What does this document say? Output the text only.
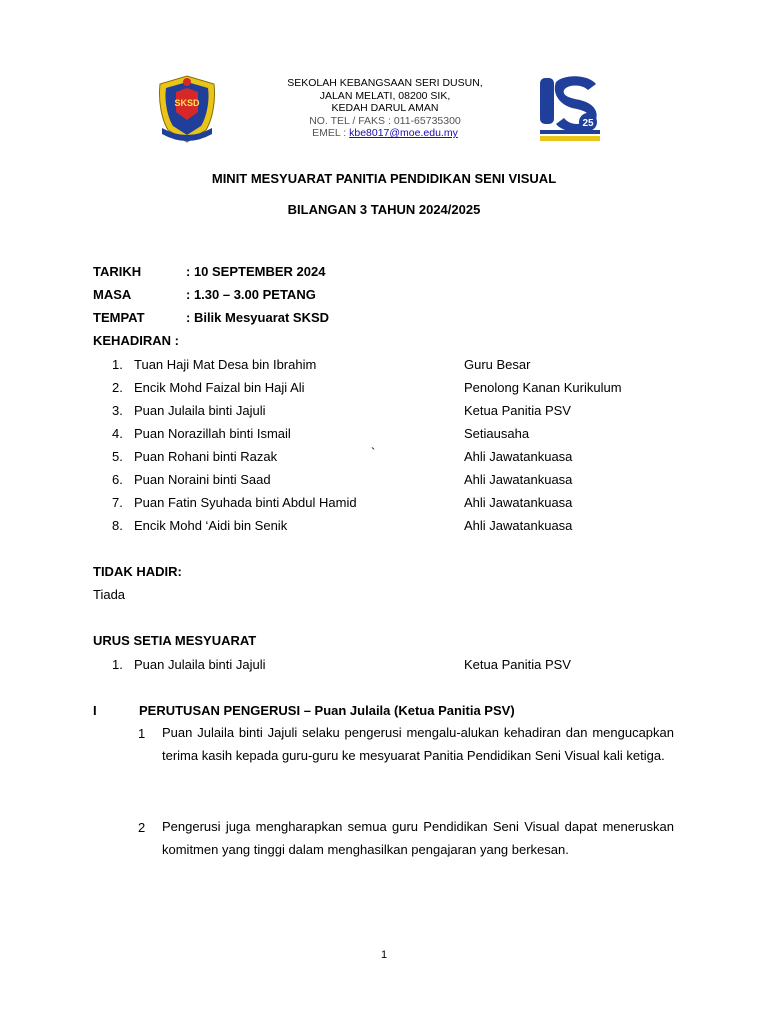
SKSD
SEKOLAH KEBANGSAAN SERI DUSUN,
JALAN MELATI, 08200 SIK,
KEDAH DARUL AMAN
NO. TEL / FAKS : 011-65735300
EMEL : kbe8017@moe.edu.my
25
MINIT MESYUARAT PANITIA PENDIDIKAN SENI VISUAL
BILANGAN 3 TAHUN 2024/2025
TARIKH	: 10 SEPTEMBER 2024
MASA	: 1.30 – 3.00 PETANG
TEMPAT	: Bilik Mesyuarat SKSD
KEHADIRAN :
1. Tuan Haji Mat Desa bin Ibrahim	Guru Besar
2. Encik Mohd Faizal bin Haji Ali	Penolong Kanan Kurikulum
3. Puan Julaila binti Jajuli	Ketua Panitia PSV
4. Puan Norazillah binti Ismail	Setiausaha
5. Puan Rohani binti Razak	`	Ahli Jawatankuasa
6. Puan Noraini binti Saad	Ahli Jawatankuasa
7. Puan Fatin Syuhada binti Abdul Hamid	Ahli Jawatankuasa
8. Encik Mohd ‘Aidi bin Senik	Ahli Jawatankuasa
TIDAK HADIR:
Tiada
URUS SETIA MESYUARAT
1. Puan Julaila binti Jajuli	Ketua Panitia PSV
I	PERUTUSAN PENGERUSI – Puan Julaila (Ketua Panitia PSV)
1 Puan Julaila binti Jajuli selaku pengerusi mengalu-alukan kehadiran dan mengucapkan terima kasih kepada guru-guru ke mesyuarat Panitia Pendidikan Seni Visual kali ketiga.
2 Pengerusi juga mengharapkan semua guru Pendidikan Seni Visual dapat meneruskan komitmen yang tinggi dalam menghasilkan pengajaran yang berkesan.
1
